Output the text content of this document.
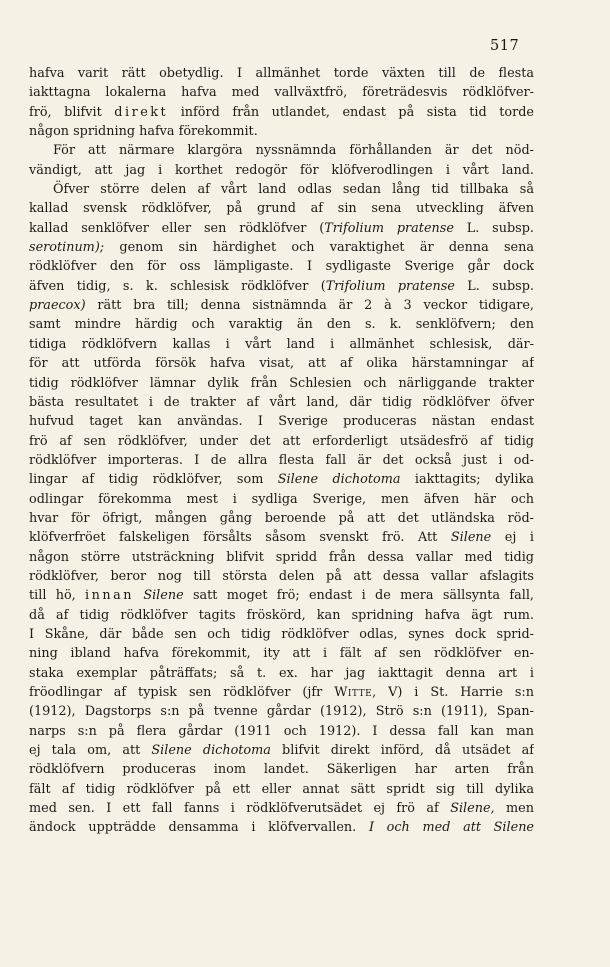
517
hafva varit rätt obetydlig. I allmänhet torde växten till de flesta
iakttagna lokalerna hafva med vallväxtfrö, företrädesvis rödklöfver-
frö, blifvit direkt införd från utlandet, endast på sista tid torde
någon spridning hafva förekommit.
För att närmare klargöra nyssnämnda förhållanden är det nöd-
vändigt, att jag i korthet redogör för klöfverodlingen i vårt land.
Öfver större delen af vårt land odlas sedan lång tid tillbaka så
kallad svensk rödklöfver, på grund af sin sena utveckling äfven
kallad senklöfver eller sen rödklöfver (Trifolium pratense L. subsp.
serotinum); genom sin härdighet och varaktighet är denna sena
rödklöfver den för oss lämpligaste. I sydligaste Sverige går dock
äfven tidig, s. k. schlesisk rödklöfver (Trifolium pratense L. subsp.
praecox) rätt bra till; denna sistnämnda är 2 à 3 veckor tidigare,
samt mindre härdig och varaktig än den s. k. senklöfvern; den
tidiga rödklöfvern kallas i vårt land i allmänhet schlesisk, där-
för att utförda försök hafva visat, att af olika härstamningar af
tidig rödklöfver lämnar dylik från Schlesien och närliggande trakter
bästa resultatet i de trakter af vårt land, där tidig rödklöfver öfver
hufvud taget kan användas. I Sverige produceras nästan endast
frö af sen rödklöfver, under det att erforderligt utsädesfrö af tidig
rödklöfver importeras. I de allra flesta fall är det också just i od-
lingar af tidig rödklöfver, som Silene dichotoma iakttagits; dylika
odlingar förekomma mest i sydliga Sverige, men äfven här och
hvar för öfrigt, mången gång beroende på att det utländska röd-
klöfverfröet falskeligen försålts såsom svenskt frö. Att Silene ej i
någon större utsträckning blifvit spridd från dessa vallar med tidig
rödklöfver, beror nog till största delen på att dessa vallar afslagits
till hö, innan Silene satt moget frö; endast i de mera sällsynta fall,
då af tidig rödklöfver tagits fröskörd, kan spridning hafva ägt rum.
I Skåne, där både sen och tidig rödklöfver odlas, synes dock sprid-
ning ibland hafva förekommit, ity att i fält af sen rödklöfver en-
staka exemplar påträffats; så t. ex. har jag iakttagit denna art i
fröodlingar af typisk sen rödklöfver (jfr Witte, V) i St. Harrie s:n
(1912), Dagstorps s:n på tvenne gårdar (1912), Strö s:n (1911), Span-
narps s:n på flera gårdar (1911 och 1912). I dessa fall kan man
ej tala om, att Silene dichotoma blifvit direkt införd, då utsädet af
rödklöfvern produceras inom landet. Säkerligen har arten från
fält af tidig rödklöfver på ett eller annat sätt spridt sig till dylika
med sen. I ett fall fanns i rödklöfverutsädet ej frö af Silene, men
ändock uppträdde densamma i klöfvervallen. I och med att Silene
